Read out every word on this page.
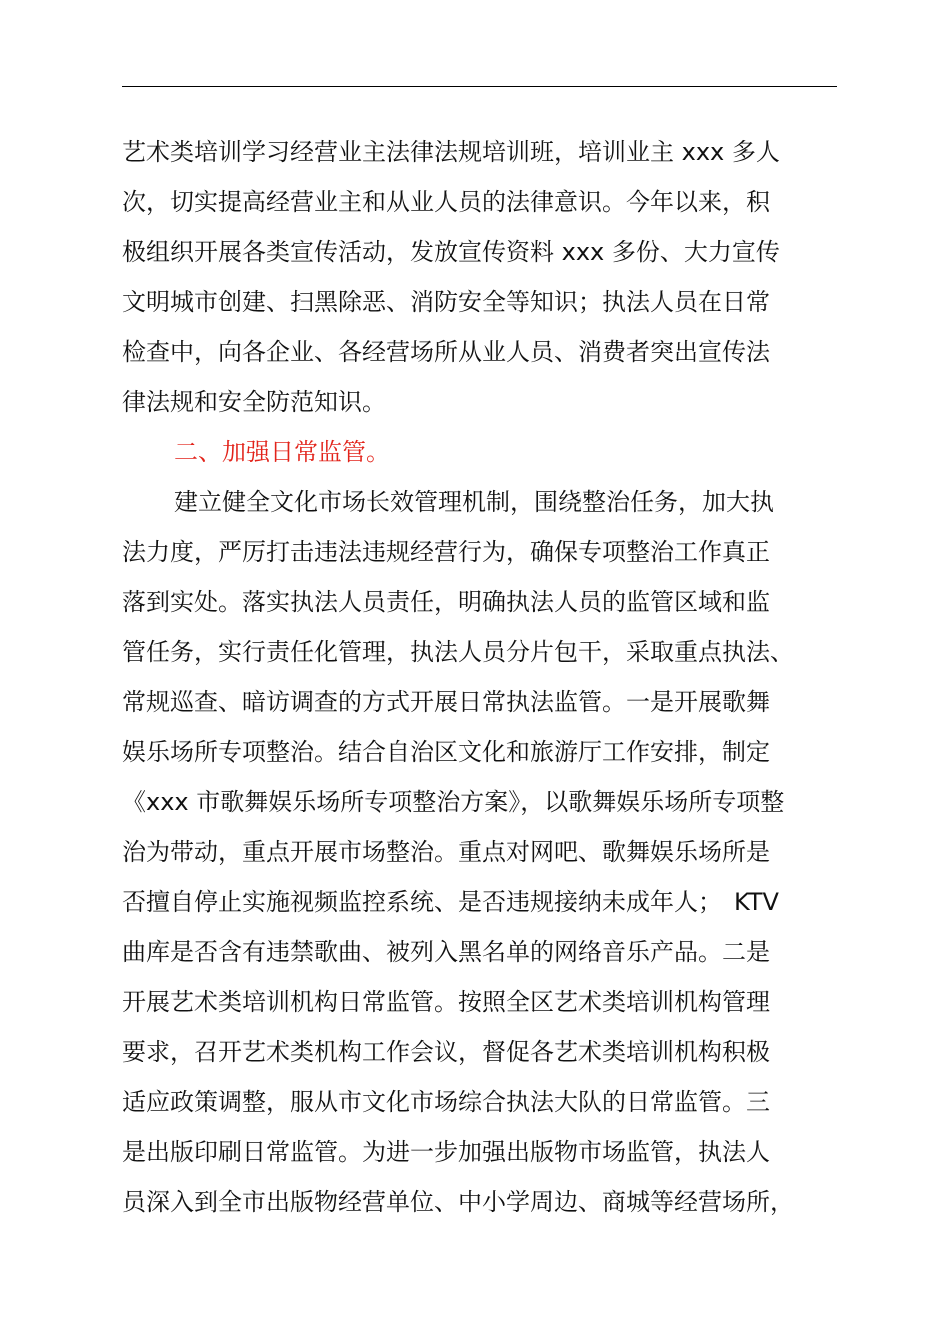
艺术类培训学习经营业主法律法规培训班，培训业主 xxx 多人
次，切实提高经营业主和从业人员的法律意识。今年以来，积
极组织开展各类宣传活动，发放宣传资料 xxx 多份、大力宣传
文明城市创建、扫黑除恶、消防安全等知识；执法人员在日常
检查中，向各企业、各经营场所从业人员、消费者突出宣传法
律法规和安全防范知识。
二、加强日常监管。
建立健全文化市场长效管理机制，围绕整治任务，加大执
法力度，严厉打击违法违规经营行为，确保专项整治工作真正
落到实处。落实执法人员责任，明确执法人员的监管区域和监
管任务，实行责任化管理，执法人员分片包干，采取重点执法、
常规巡查、暗访调查的方式开展日常执法监管。一是开展歌舞
娱乐场所专项整治。结合自治区文化和旅游厅工作安排，制定
《xxx 市歌舞娱乐场所专项整治方案》，以歌舞娱乐场所专项整
治为带动，重点开展市场整治。重点对网吧、歌舞娱乐场所是
否擅自停止实施视频监控系统、是否违规接纳未成年人；　KTV
曲库是否含有违禁歌曲、被列入黑名单的网络音乐产品。二是
开展艺术类培训机构日常监管。按照全区艺术类培训机构管理
要求，召开艺术类机构工作会议，督促各艺术类培训机构积极
适应政策调整，服从市文化市场综合执法大队的日常监管。三
是出版印刷日常监管。为进一步加强出版物市场监管，执法人
员深入到全市出版物经营单位、中小学周边、商城等经营场所，
